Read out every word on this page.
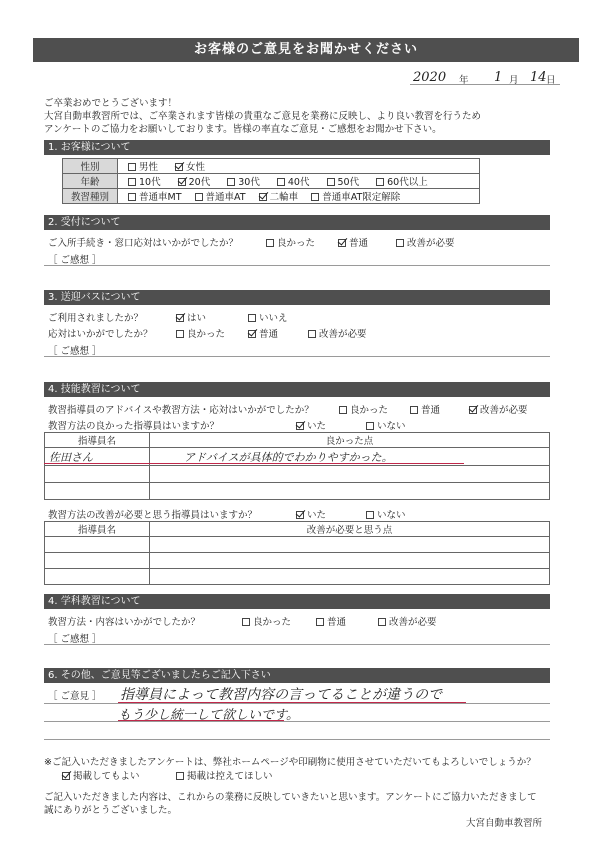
お客様のご意見をお聞かせください
2020 年 1 月 14 日
ご卒業おめでとうございます！
大宮自動車教習所では、ご卒業されます皆様の貴重なご意見を業務に反映し、より良い教習を行うため
アンケートのご協力をお願いしております。皆様の率直なご意見・ご感想をお聞かせ下さい。
1. お客様について
性別	男性 女性
年齢	10代 20代 30代 40代 50代 60代以上
教習種別	普通車MT 普通車AT 二輪車 普通車AT限定解除
2. 受付について
ご入所手続き・窓口応対はいかがでしたか？	良かった	普通	改善が必要
［ ご感想 ］
3. 送迎バスについて
ご利用されましたか？	はい	いいえ
応対はいかがでしたか？	良かった	普通	改善が必要
［ ご感想 ］
4. 技能教習について
教習指導員のアドバイスや教習方法・応対はいかがでしたか？	良かった	普通	改善が必要
教習方法の良かった指導員はいますか？	いた	いない
指導員名	良かった点
佐田さん	アドバイスが具体的でわかりやすかった。

教習方法の改善が必要と思う指導員はいますか？	いた	いない
指導員名	改善が必要と思う点

4. 学科教習について
教習方法・内容はいかがでしたか？	良かった	普通	改善が必要
［ ご感想 ］
6. その他、ご意見等ございましたらご記入下さい
［ ご意見 ］ 指導員によって教習内容の言ってることが違うので
もう少し統一して欲しいです。
※ご記入いただきましたアンケートは、弊社ホームページや印刷物に使用させていただいてもよろしいでしょうか？
掲載してもよい	掲載は控えてほしい
ご記入いただきました内容は、これからの業務に反映していきたいと思います。アンケートにご協力いただきまして
誠にありがとうございました。
大宮自動車教習所
